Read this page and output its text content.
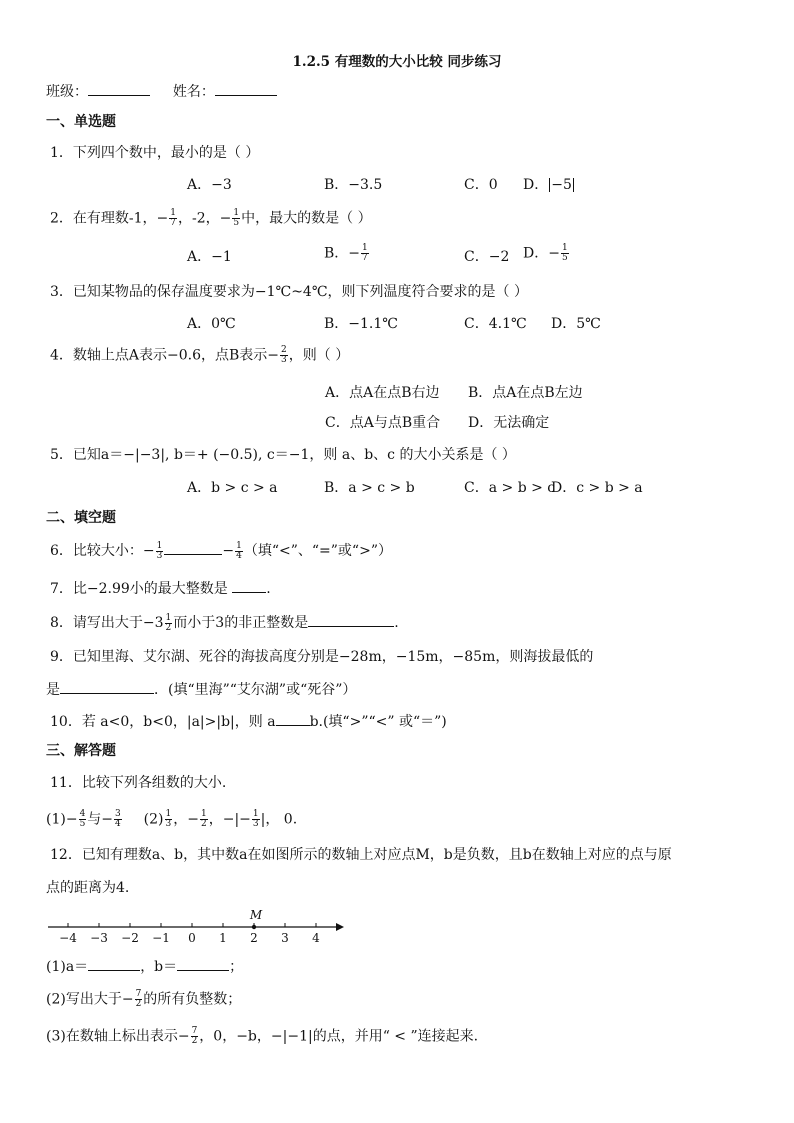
1.2.5 有理数的大小比较 同步练习
班级：	姓名：
一、单选题
1．下列四个数中，最小的是（ ）
A．−3	B．−3.5	C．0 D． −5
2．在有理数-1，− $\frac{1}{7}$ ，-2，− $\frac{1}{5}$ 中，最大的数是（ ）
A．−1	B．− $\frac{1}{7}$	C．−2 D．− $\frac{1}{5}$
3．已知某物品的保存温度要求为−1℃~4℃，则下列温度符合要求的是（ ）
A．0℃	B．−1.1℃	C．4.1℃ D．5℃
4．数轴上点A表示−0.6，点B表示− $\frac{2}{3}$ ，则（ ）
A．点A在点B右边 B．点A在点B左边
C．点A与点B重合 D．无法确定
5．已知a＝−|−3|, b＝+ (−0.5), c＝−1，则 a、b、c 的大小关系是（ ）
A．b > c > a	B．a > c > b	C．a > b > c
D．c > b > a
二、填空题
6．比较大小：− $\frac{1}{3}$	− $\frac{1}{4}$ （填“<”、“=”或“>”）
7．比−2.99小的最大整数是 .
8．请写出大于$-3 \frac{1}{2}$ 而小于3的非正整数是	.
9．已知里海、艾尔湖、死谷的海拔高度分别是−28m，−15m，−85m，则海拔最低的
是	．(填“里海”“艾尔湖”或“死谷”）
10．若 a<0，b<0，|a|>|b|，则 a b.(填“>”“<” 或“＝”)
三、解答题
11．比较下列各组数的大小.
$(1)- \frac{4}{5}$ 与− $\frac{3}{4} (2) \frac{1}{3}$ ，− $\frac{1}{2}$ ，−|− $\frac{1}{3}$ |， 0.
12．已知有理数a、b，其中数a在如图所示的数轴上对应点M，b是负数，且b在数轴上对应的点与原
点的距离为4.
−4 −3 −2 −1 0 1 2 3 4
M
(1)a＝	，b＝	；
(2)写出大于− $\frac{7}{2}$ 的所有负整数；
(3)在数轴上标出表示− $\frac{7}{2}$ ，0，−b，−|−1|的点，并用“ < ”连接起来.
